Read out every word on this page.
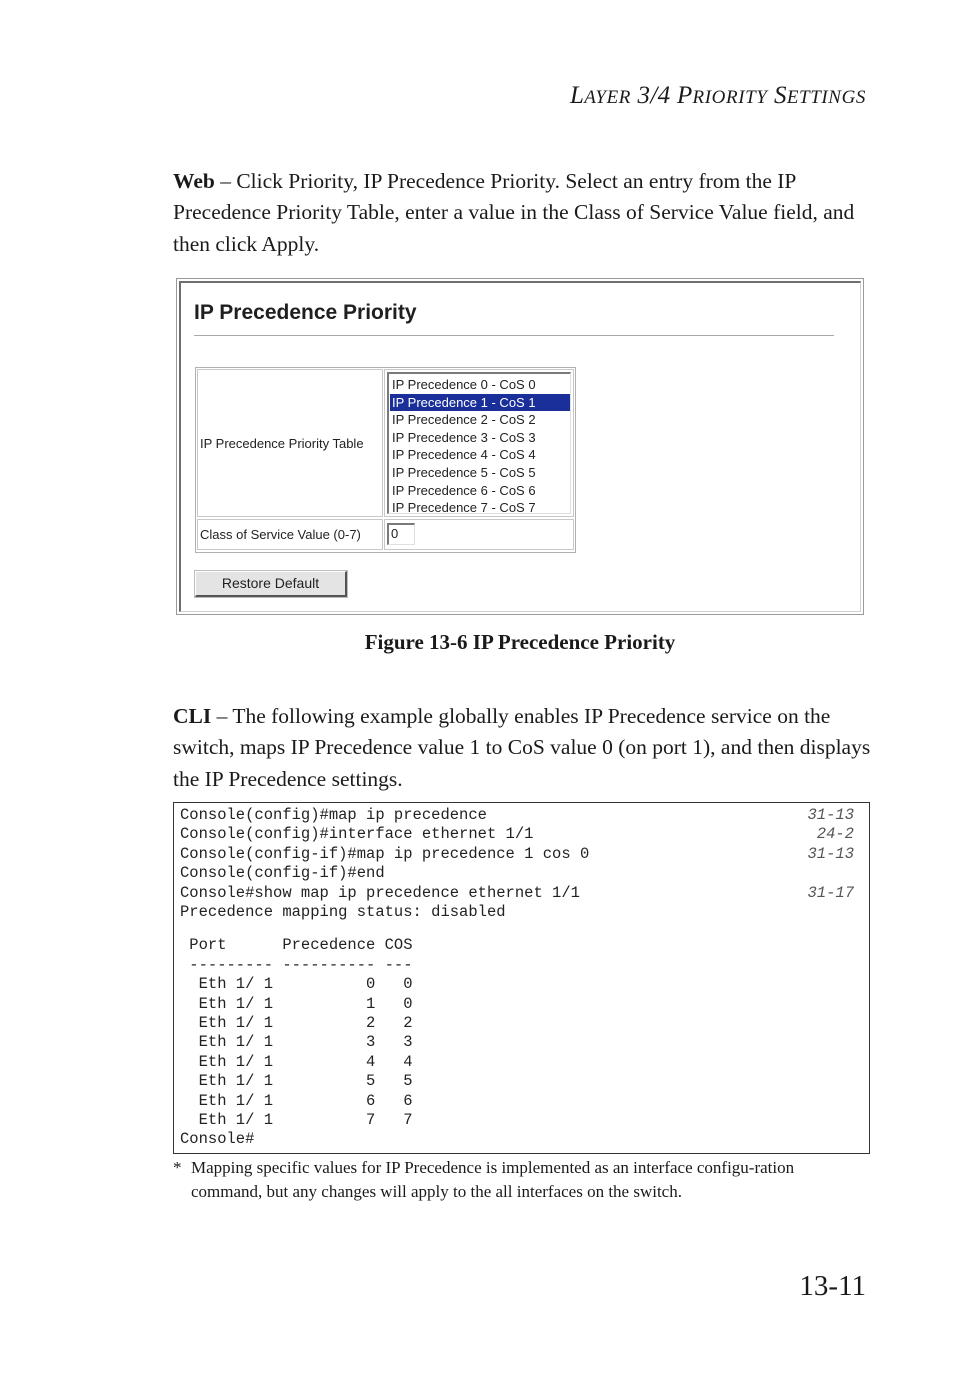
LAYER 3/4 PRIORITY SETTINGS
Web – Click Priority, IP Precedence Priority. Select an entry from the IP Precedence Priority Table, enter a value in the Class of Service Value field, and then click Apply.
IP Precedence Priority
IP Precedence Priority Table
IP Precedence 0 - CoS 0
IP Precedence 1 - CoS 1
IP Precedence 2 - CoS 2
IP Precedence 3 - CoS 3
IP Precedence 4 - CoS 4
IP Precedence 5 - CoS 5
IP Precedence 6 - CoS 6
IP Precedence 7 - CoS 7
Class of Service Value (0-7)	0
Restore Default
Figure 13-6 IP Precedence Priority
CLI – The following example globally enables IP Precedence service on the switch, maps IP Precedence value 1 to CoS value 0 (on port 1), and then displays the IP Precedence settings.
Console(config)#map ip precedence	31-13
Console(config)#interface ethernet 1/1	24-2
Console(config-if)#map ip precedence 1 cos 0	31-13
Console(config-if)#end
Console#show map ip precedence ethernet 1/1	31-17
Precedence mapping status: disabled
Port      Precedence COS
--------- ---------- ---
Eth 1/ 1          0   0
Eth 1/ 1          1   0
Eth 1/ 1          2   2
Eth 1/ 1          3   3
Eth 1/ 1          4   4
Eth 1/ 1          5   5
Eth 1/ 1          6   6
Eth 1/ 1          7   7
Console#
* Mapping specific values for IP Precedence is implemented as an interface configu-ration command, but any changes will apply to the all interfaces on the switch.
13-11
